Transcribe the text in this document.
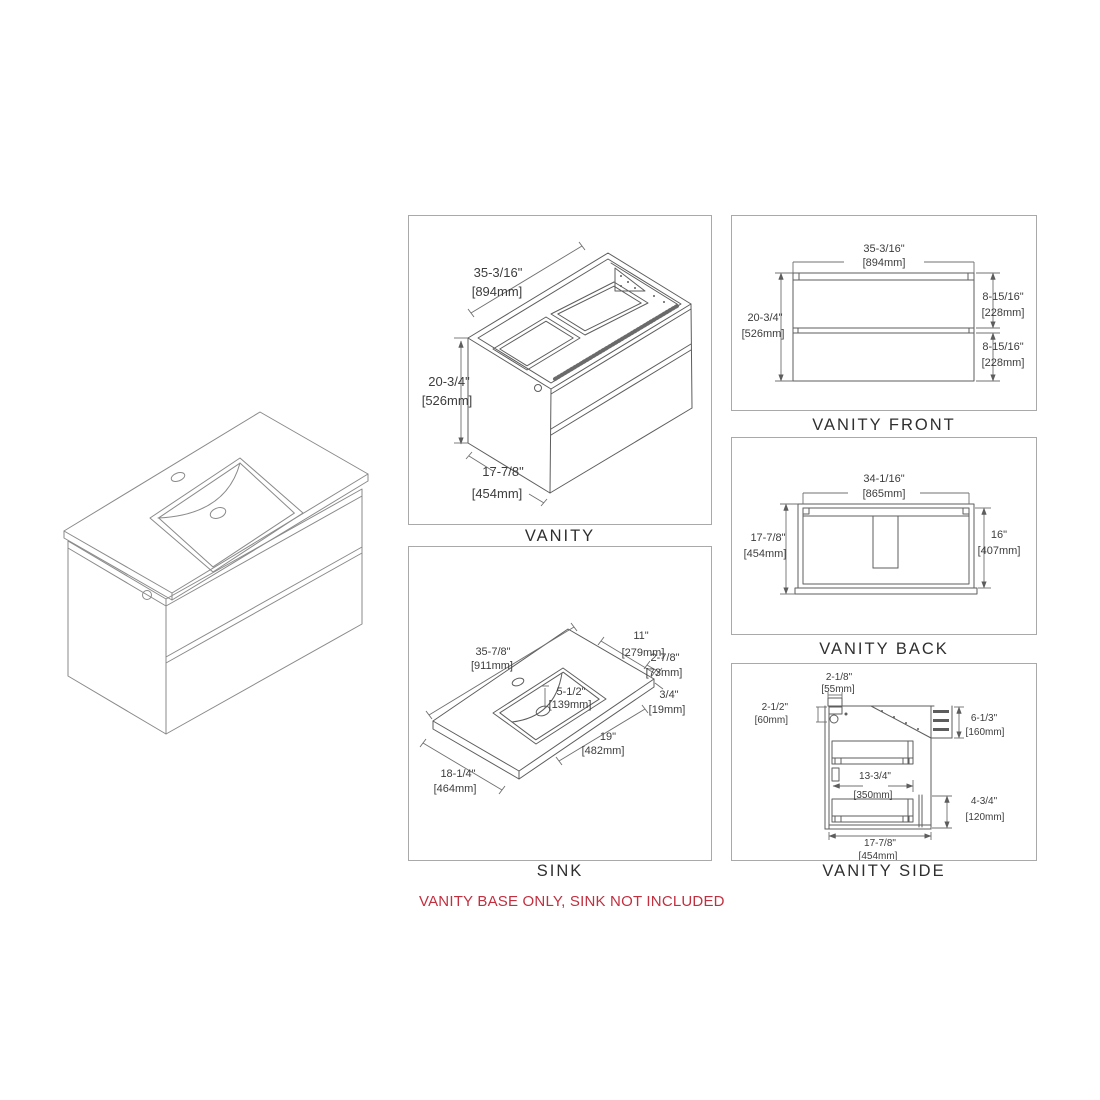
35-3/16"
[894mm]
20-3/4"
[526mm]
17-7/8"
[454mm]
VANITY
35-7/8"
[911mm]
11"
[279mm]
2-7/8"
[73mm]
3/4"
[19mm]
5-1/2"
[139mm]
19"
[482mm]
18-1/4"
[464mm]
SINK
35-3/16"
[894mm]
20-3/4"
[526mm]
8-15/16"
[228mm]
8-15/16"
[228mm]
VANITY FRONT
34-1/16"
[865mm]
17-7/8"
[454mm]
16"
[407mm]
VANITY BACK
2-1/8"
[55mm]
2-1/2"
[60mm]	6-1/3"
[160mm]
13-3/4"
[350mm]
4-3/4"
[120mm]
17-7/8"
[454mm]
VANITY SIDE
VANITY BASE ONLY, SINK NOT INCLUDED
